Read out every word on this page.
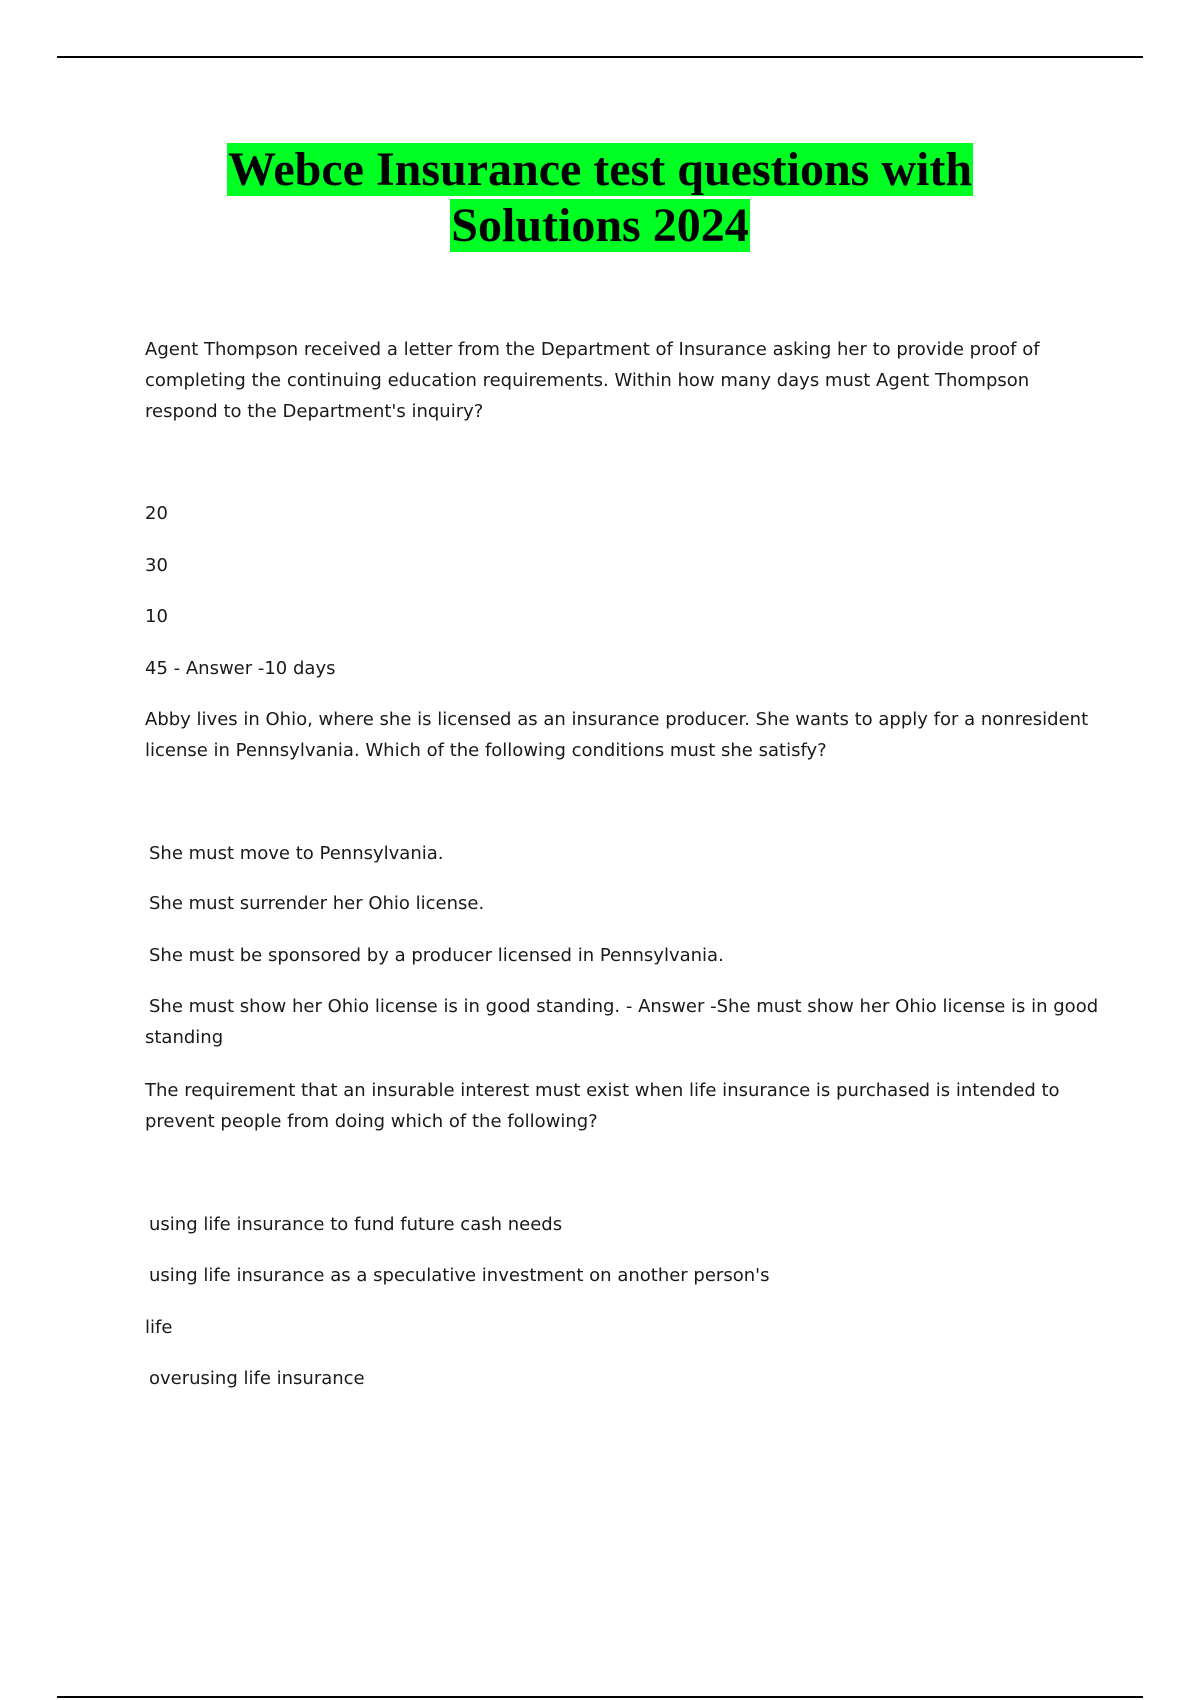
Webce Insurance test questions with
Solutions 2024

Agent Thompson received a letter from the Department of Insurance asking her to provide proof of completing the continuing education requirements. Within how many days must Agent Thompson respond to the Department's inquiry?

20

30

10

45 - Answer -10 days

Abby lives in Ohio, where she is licensed as an insurance producer. She wants to apply for a nonresident license in Pennsylvania. Which of the following conditions must she satisfy?

She must move to Pennsylvania.

She must surrender her Ohio license.

She must be sponsored by a producer licensed in Pennsylvania.

She must show her Ohio license is in good standing. - Answer -She must show her Ohio license is in good standing

The requirement that an insurable interest must exist when life insurance is purchased is intended to prevent people from doing which of the following?

using life insurance to fund future cash needs

using life insurance as a speculative investment on another person's

life

overusing life insurance
